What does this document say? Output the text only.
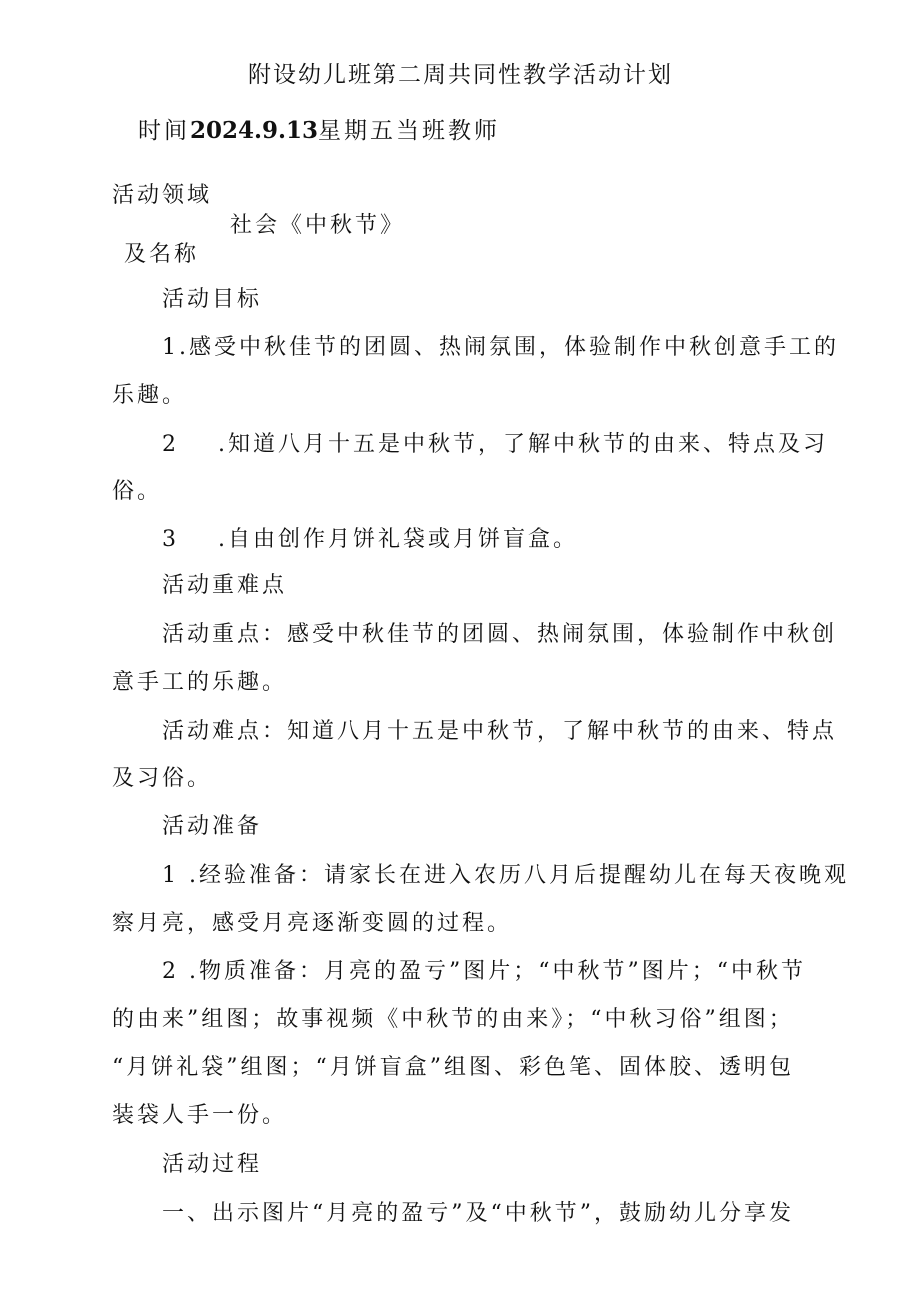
附设幼儿班第二周共同性教学活动计划
时间2024.9.13星期五当班教师
活动领域
社会《中秋节》
及名称
活动目标
1.感受中秋佳节的团圆、热闹氛围，体验制作中秋创意手工的
乐趣。
2 .知道八月十五是中秋节，了解中秋节的由来、特点及习
俗。
3 .自由创作月饼礼袋或月饼盲盒。
活动重难点
活动重点：感受中秋佳节的团圆、热闹氛围，体验制作中秋创
意手工的乐趣。
活动难点：知道八月十五是中秋节，了解中秋节的由来、特点
及习俗。
活动准备
1 .经验准备：请家长在进入农历八月后提醒幼儿在每天夜晚观
察月亮，感受月亮逐渐变圆的过程。
2 .物质准备：月亮的盈亏”图片；“中秋节”图片；“中秋节
的由来”组图；故事视频《中秋节的由来》；“中秋习俗”组图；
“月饼礼袋”组图；“月饼盲盒”组图、彩色笔、固体胶、透明包
装袋人手一份。
活动过程
一、出示图片“月亮的盈亏”及“中秋节”，鼓励幼儿分享发
